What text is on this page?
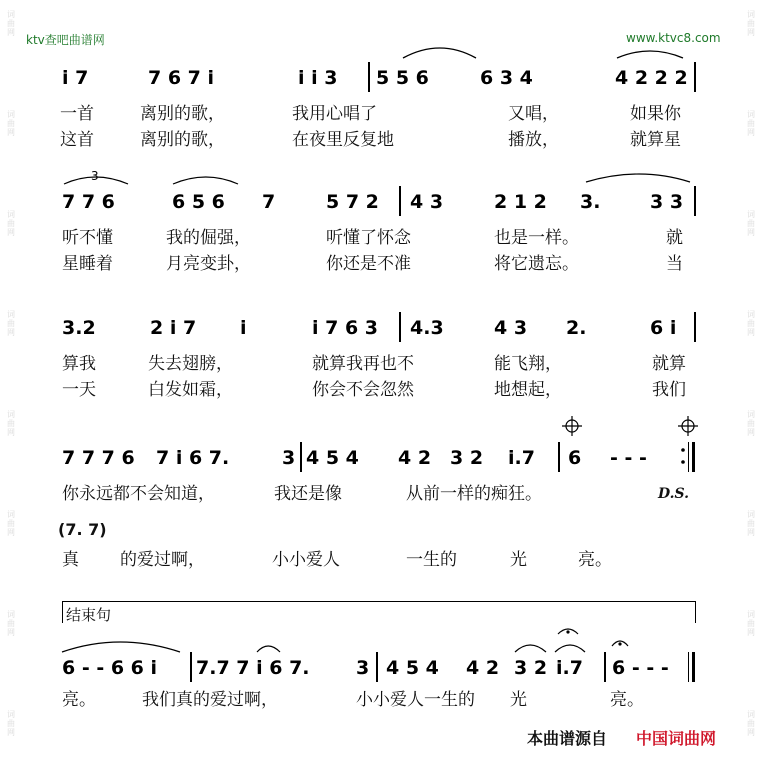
词曲网
词曲网
词曲网
词曲网
词曲网
词曲网
词曲网
词曲网
词曲网
词曲网
词曲网
词曲网
词曲网
词曲网
词曲网
词曲网
ktv查吧曲谱网	www.ktvc8.com
3
i 7	7 6 7 i	i i 3 5 5 6	6 3 4	4 2 2 2
一首	离别的歌，	我用心唱了	又唱，	如果你
这首	离别的歌，	在夜里反复地	播放，	就算星
7 7 6	6 5 6 7	5 7 2 4 3	2 1 2 3.	3 3
听不懂	我的倔强，	听懂了怀念	也是一样。	就
星睡着	月亮变卦，	你还是不准	将它遗忘。	当
3.2	2 i 7 i	i 7 6 3 4.3	4 3 2.	6 i
算我	失去翅膀，	就算我再也不	能飞翔，	就算
一天	白发如霜，	你会不会忽然	地想起，	我们
7 7 7 6 7 i 6 7.	3 4 5 4 4 2 3 2 i.7 6 - - -
你永远都不会知道，	我还是像	从前一样的痴狂。	D.S.
(7. 7)
真 的爱过啊，	小小爱人	一生的	光	亮。
结束句
6 - - 6 6 i 7.7 7 i 6 7. 3 4 5 4 4 2 3 2 i.7 6 - - -
亮。	我们真的爱过啊，	小小爱人一生的 光	亮。
本曲谱源自 中国词曲网
